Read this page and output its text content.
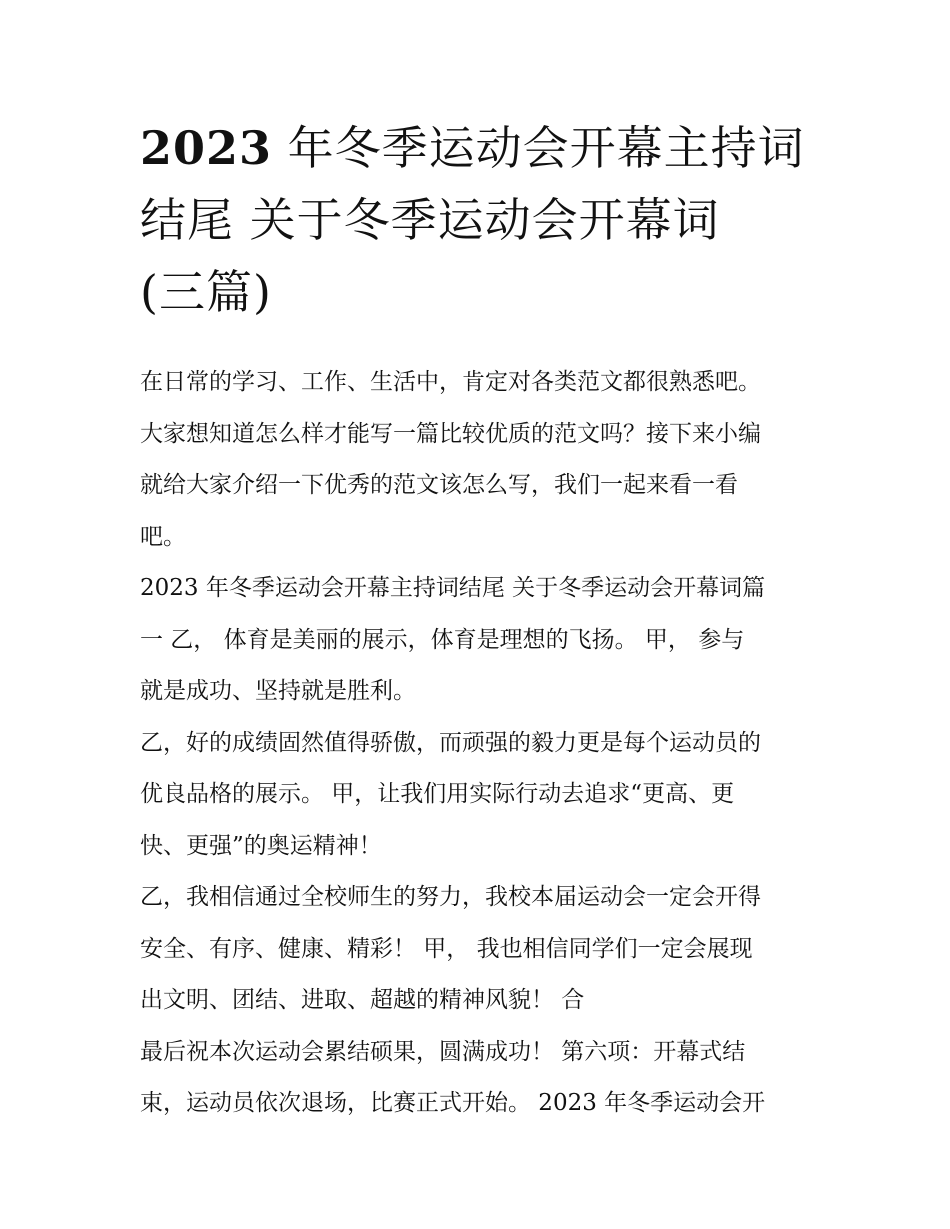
2023 年冬季运动会开幕主持词
结尾 关于冬季运动会开幕词
(三篇)

在日常的学习、工作、生活中，肯定对各类范文都很熟悉吧。
大家想知道怎么样才能写一篇比较优质的范文吗？接下来小编
就给大家介绍一下优秀的范文该怎么写，我们一起来看一看
吧。

2023 年冬季运动会开幕主持词结尾 关于冬季运动会开幕词篇
一 乙， 体育是美丽的展示，体育是理想的飞扬。 甲， 参与
就是成功、坚持就是胜利。

乙，好的成绩固然值得骄傲，而顽强的毅力更是每个运动员的
优良品格的展示。 甲，让我们用实际行动去追求“更高、更
快、更强”的奥运精神！

乙，我相信通过全校师生的努力，我校本届运动会一定会开得
安全、有序、健康、精彩！ 甲， 我也相信同学们一定会展现
出文明、团结、进取、超越的精神风貌！ 合

最后祝本次运动会累结硕果，圆满成功！ 第六项：开幕式结
束，运动员依次退场，比赛正式开始。 2023 年冬季运动会开
